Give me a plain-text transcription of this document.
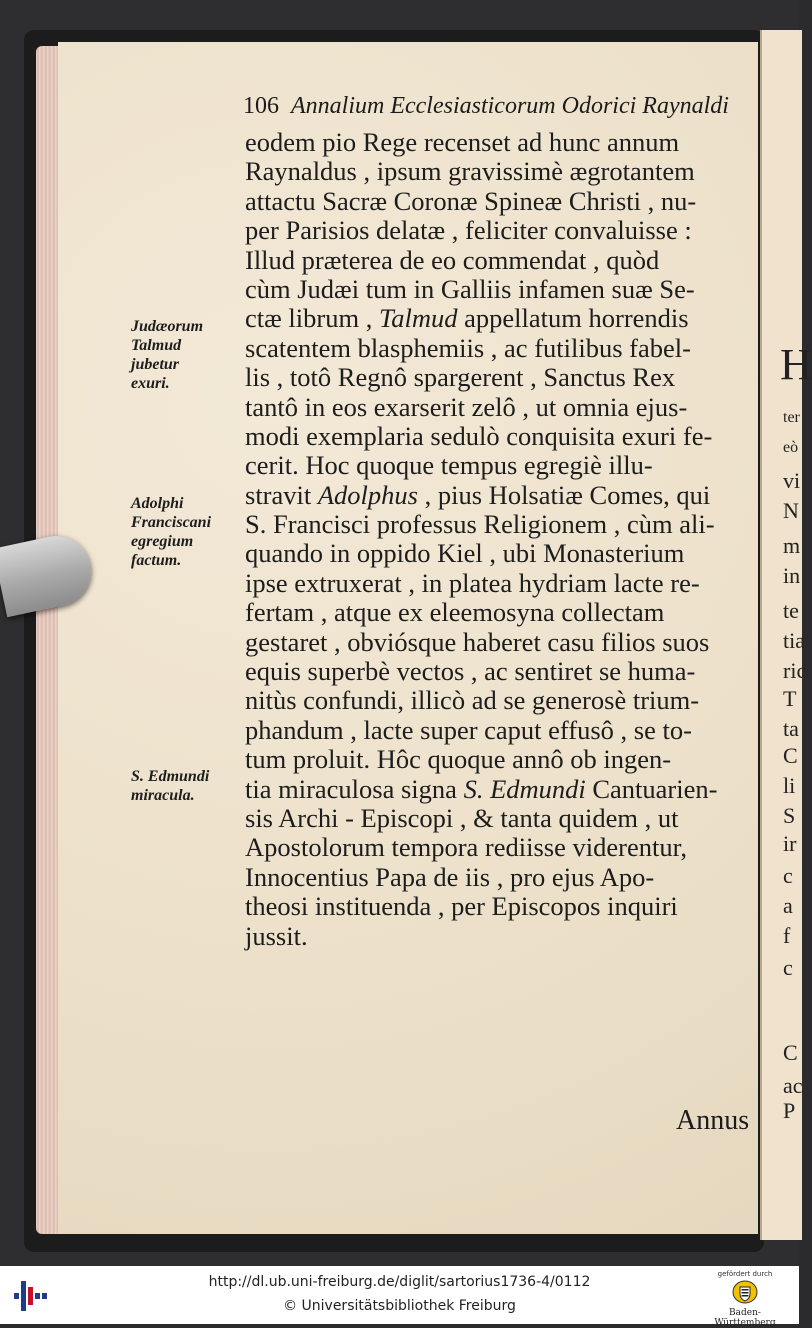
106 Annalium Ecclesiasticorum Odorici Raynaldi
eodem pio Rege recenset ad hunc annum
Raynaldus , ipsum gravissimè ægrotantem
attactu Sacræ Coronæ Spineæ Christi , nu-
per Parisios delatæ , feliciter convaluisse :
Illud præterea de eo commendat , quòd
cùm Judæi tum in Galliis infamen suæ Se-
ctæ librum , Talmud appellatum horrendis
scatentem blasphemiis , ac futilibus fabel-
lis , totô Regnô spargerent , Sanctus Rex
tantô in eos exarserit zelô , ut omnia ejus-
modi exemplaria sedulò conquisita exuri fe-
cerit. Hoc quoque tempus egregiè illu-
stravit Adolphus , pius Holsatiæ Comes, qui
S. Francisci professus Religionem , cùm ali-
quando in oppido Kiel , ubi Monasterium
ipse extruxerat , in platea hydriam lacte re-
fertam , atque ex eleemosyna collectam
gestaret , obviósque haberet casu filios suos
equis superbè vectos , ac sentiret se huma-
nitùs confundi, illicò ad se generosè trium-
phandum , lacte super caput effusô , se to-
tum proluit. Hôc quoque annô ob ingen-
tia miraculosa signa S. Edmundi Cantuarien-
sis Archi - Episcopi , & tanta quidem , ut
Apostolorum tempora rediisse viderentur,
Innocentius Papa de iis , pro ejus Apo-
theosi instituenda , per Episcopos inquiri
jussit.
Judæorum
Talmud
jubetur
exuri.
Adolphi
Franciscani
egregium
factum.
S. Edmundi
miracula.
Annus
H
ter
eò
vi
N
m
in
te
tia
ric
T
ta
C
li
S
ir
c
a
f
c
C
ac
P
http://dl.ub.uni-freiburg.de/diglit/sartorius1736-4/0112
© Universitätsbibliothek Freiburg
gefördert durch
Baden-Württemberg
